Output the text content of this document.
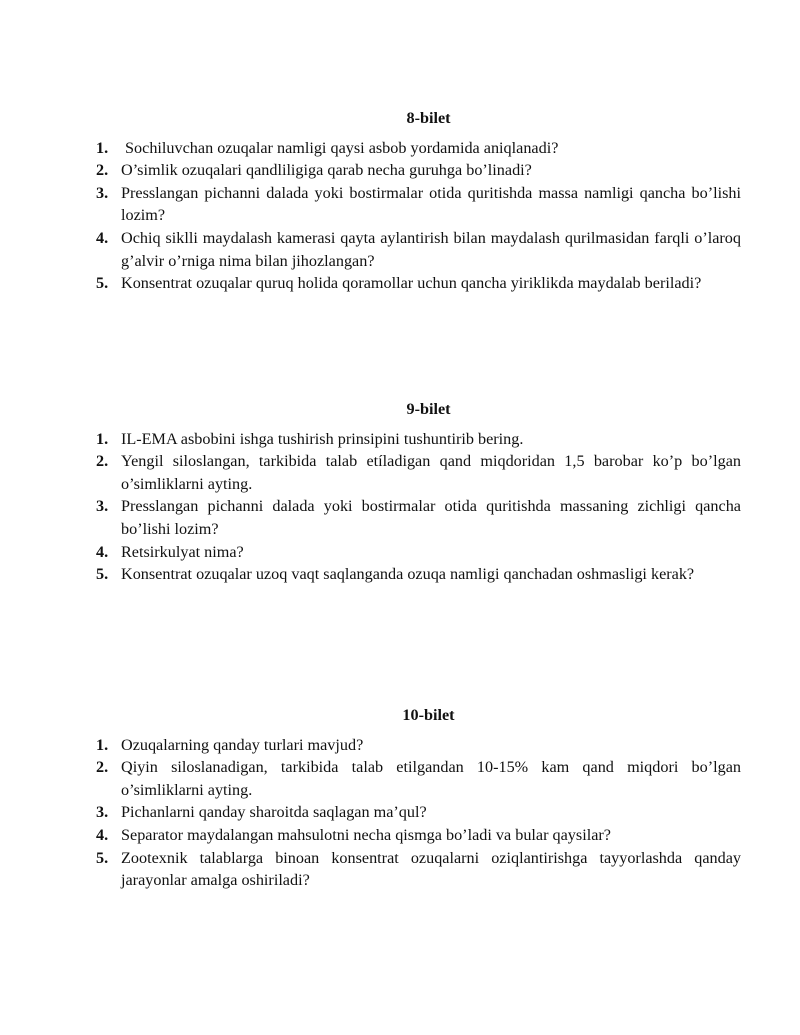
8-bilet
1. Sochiluvchan ozuqalar namligi qaysi asbob yordamida aniqlanadi?
2. O’simlik ozuqalari qandliligiga qarab necha guruhga bo’linadi?
3. Presslangan pichanni dalada yoki bostirmalar otida quritishda massa namligi qancha bo’lishi lozim?
4. Ochiq siklli maydalash kamerasi qayta aylantirish bilan maydalash qurilmasidan farqli o’laroq g’alvir o’rniga nima bilan jihozlangan?
5. Konsentrat ozuqalar quruq holida qoramollar uchun qancha yiriklikda maydalab beriladi?
9-bilet
1. IL-EMA asbobini ishga tushirish prinsipini tushuntirib bering.
2. Yengil siloslangan, tarkibida talab etíladigan qand miqdoridan 1,5 barobar ko’p bo’lgan o’simliklarni ayting.
3. Presslangan pichanni dalada yoki bostirmalar otida quritishda massaning zichligi qancha bo’lishi lozim?
4. Retsirkulyat nima?
5. Konsentrat ozuqalar uzoq vaqt saqlanganda ozuqa namligi qanchadan oshmasligi kerak?
10-bilet
1. Ozuqalarning qanday turlari mavjud?
2. Qiyin siloslanadigan, tarkibida talab etilgandan 10-15% kam qand miqdori bo’lgan o’simliklarni ayting.
3. Pichanlarni qanday sharoitda saqlagan ma’qul?
4. Separator maydalangan mahsulotni necha qismga bo’ladi va bular qaysilar?
5. Zootexnik talablarga binoan konsentrat ozuqalarni oziqlantirishga tayyorlashda qanday jarayonlar amalga oshiriladi?
